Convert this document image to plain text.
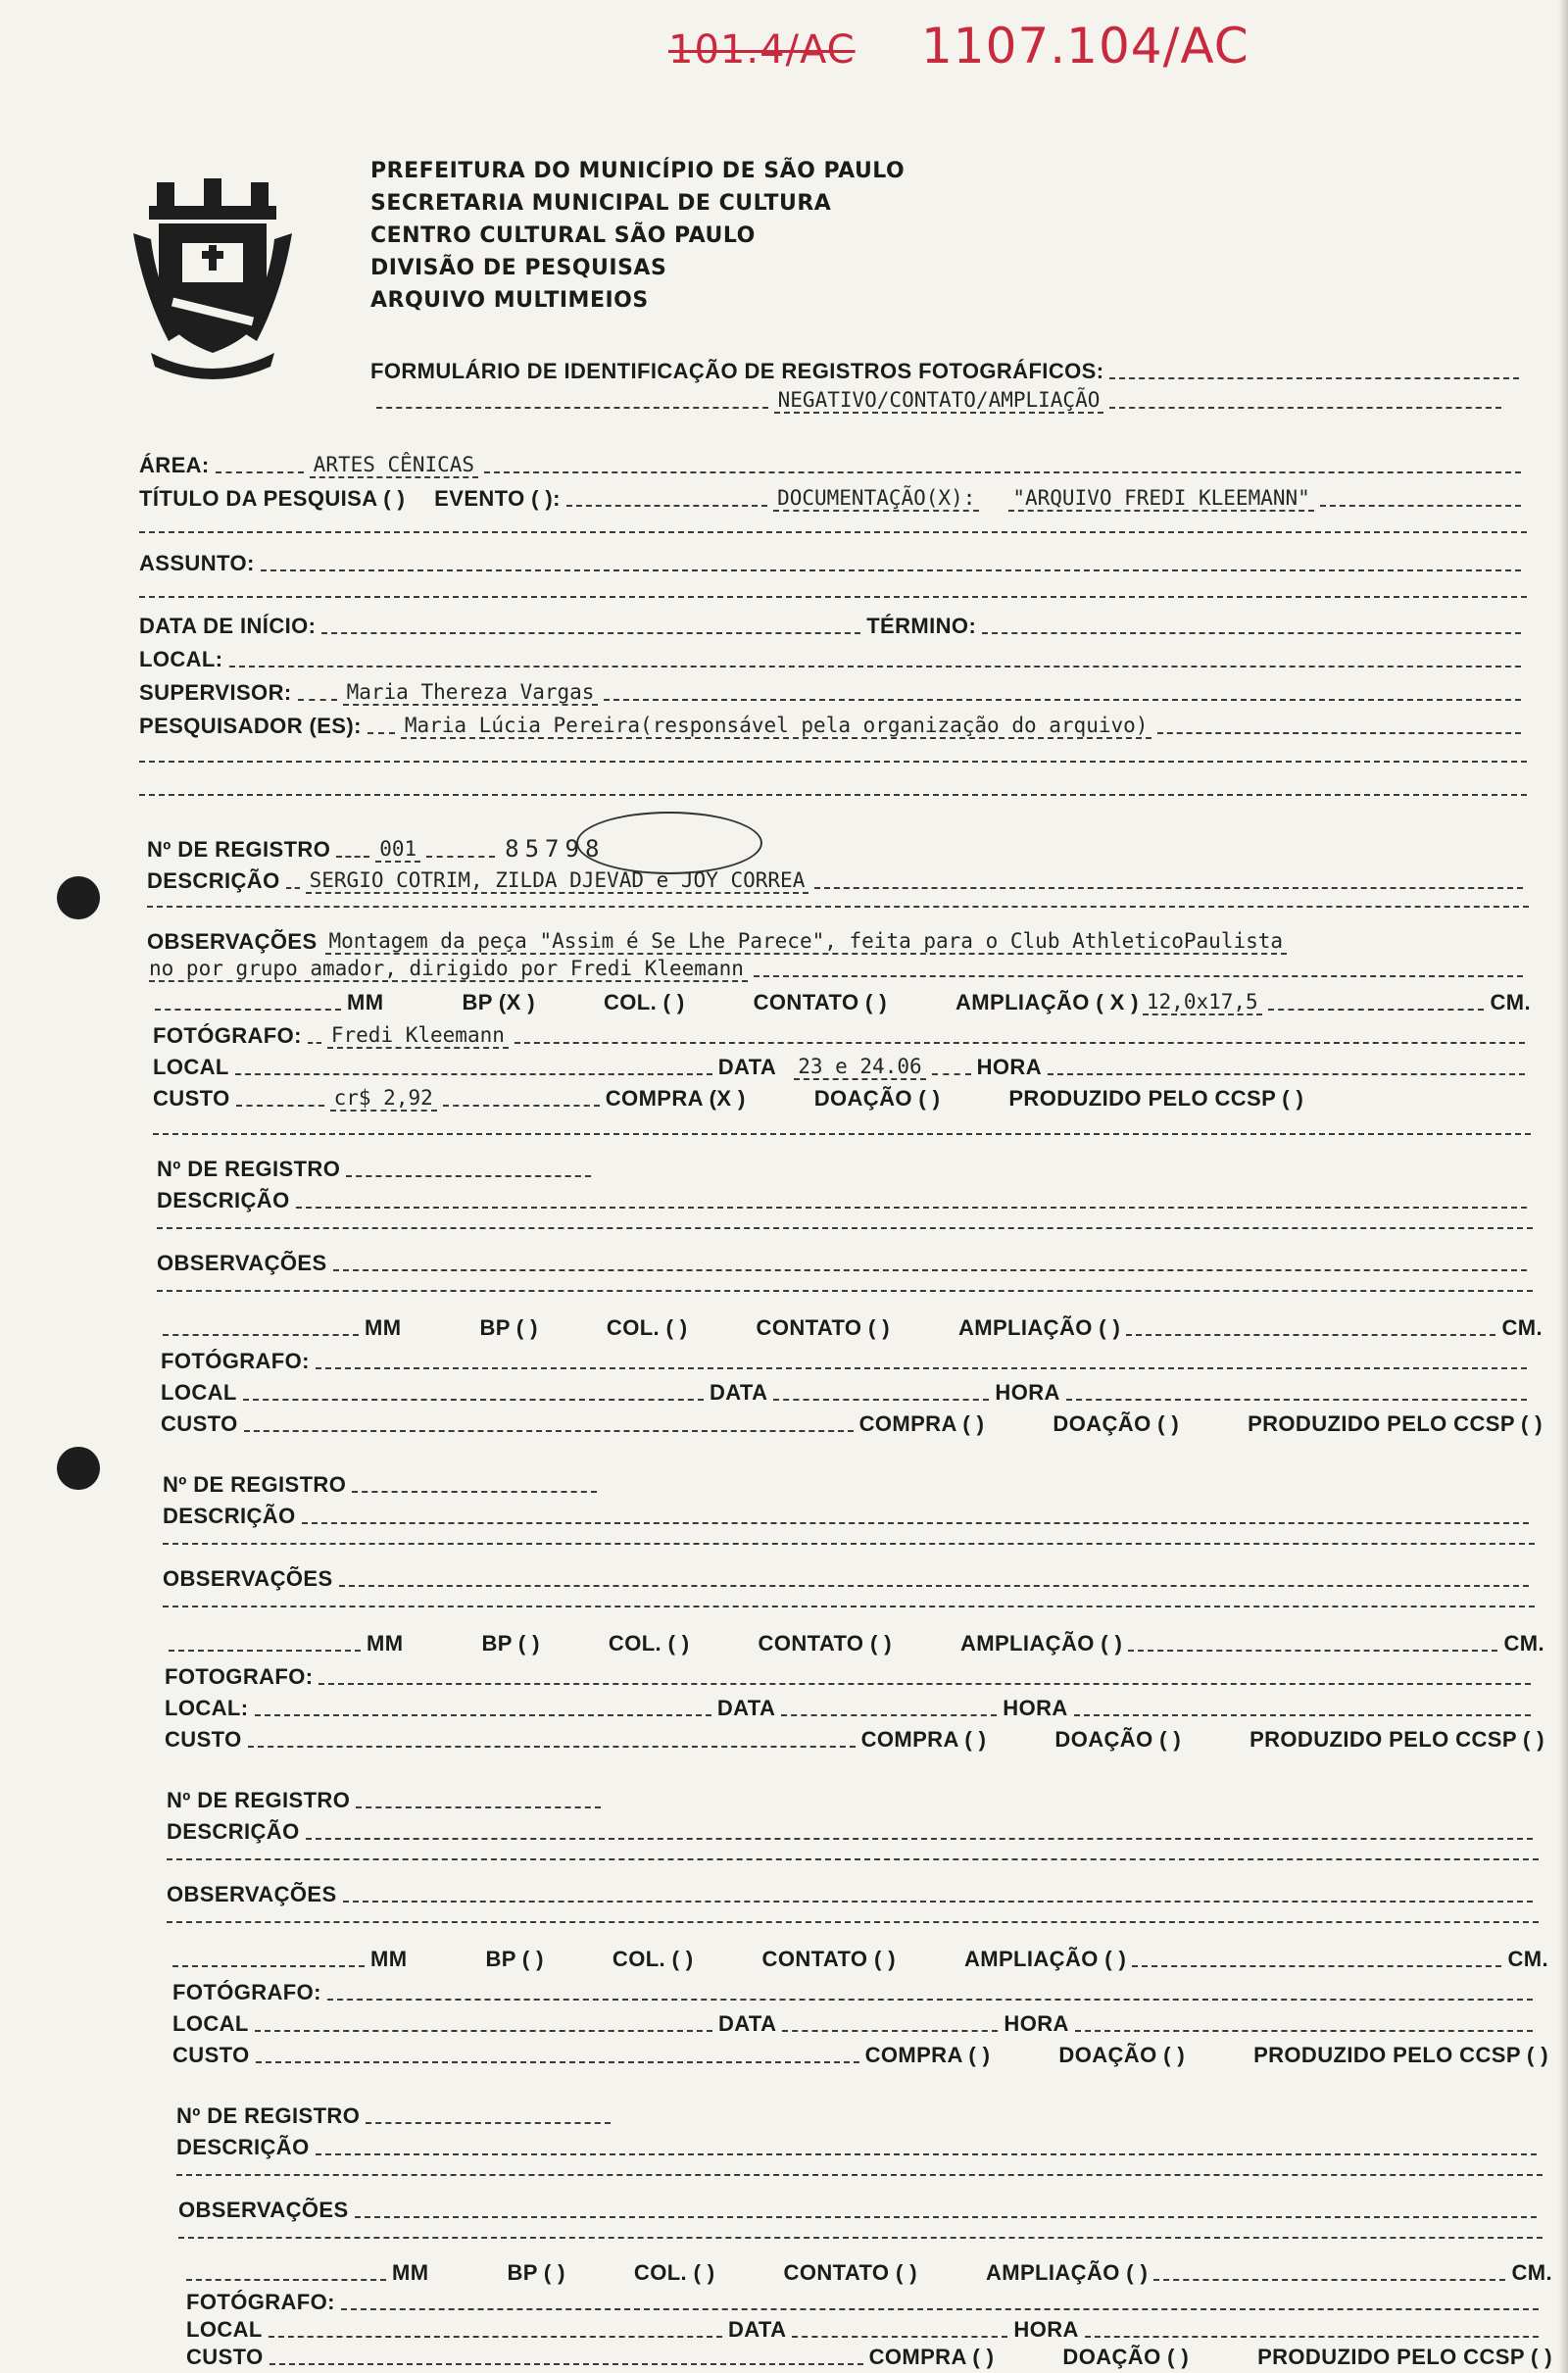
101.4/AC 1107.104/AC
PREFEITURA DO MUNICÍPIO DE SÃO PAULO
SECRETARIA MUNICIPAL DE CULTURA
CENTRO CULTURAL SÃO PAULO
DIVISÃO DE PESQUISAS
ARQUIVO MULTIMEIOS
FORMULÁRIO DE IDENTIFICAÇÃO DE REGISTROS FOTOGRÁFICOS:
NEGATIVO/CONTATO/AMPLIAÇÃO
ÁREA:	ARTES CÊNICAS
TÍTULO DA PESQUISA ( ) EVENTO ( ):	DOCUMENTAÇÃO(X): "ARQUIVO FREDI KLEEMANN"
ASSUNTO:
DATA DE INÍCIO:	TÉRMINO:
LOCAL:
SUPERVISOR:	Maria Thereza Vargas
PESQUISADOR (ES): Maria Lúcia Pereira(responsável pela organização do arquivo)
Nº DE REGISTRO 001	85798
DESCRIÇÃO SERGIO COTRIM, ZILDA DJEVAD e JOY CORREA
OBSERVAÇÕES Montagem da peça "Assim é Se Lhe Parece", feita para o Club AthleticoPaulista
no por grupo amador, dirigido por Fredi Kleemann
MM	BP (X )	COL. ( )	CONTATO ( )	AMPLIAÇÃO ( X ) 12,0x17,5	CM.
FOTÓGRAFO: Fredi Kleemann
LOCAL	DATA 23 e 24.06	HORA
CUSTO	cr$ 2,92	COMPRA (X )	DOAÇÃO ( )	PRODUZIDO PELO CCSP ( )
Nº DE REGISTRO
DESCRIÇÃO
OBSERVAÇÕES
MM	BP ( )	COL. ( )	CONTATO ( )	AMPLIAÇÃO ( )	CM.
FOTÓGRAFO:
LOCAL	DATA	HORA
CUSTO	COMPRA ( )	DOAÇÃO ( )	PRODUZIDO PELO CCSP ( )
Nº DE REGISTRO
DESCRIÇÃO
OBSERVAÇÕES
MM	BP ( )	COL. ( )	CONTATO ( )	AMPLIAÇÃO ( )	CM.
FOTOGRAFO:
LOCAL:	DATA	HORA
CUSTO	COMPRA ( )	DOAÇÃO ( )	PRODUZIDO PELO CCSP ( )
Nº DE REGISTRO
DESCRIÇÃO
OBSERVAÇÕES
MM	BP ( )	COL. ( )	CONTATO ( )	AMPLIAÇÃO ( )	CM.
FOTÓGRAFO:
LOCAL	DATA	HORA
CUSTO	COMPRA ( )	DOAÇÃO ( )	PRODUZIDO PELO CCSP ( )
Nº DE REGISTRO
DESCRIÇÃO
OBSERVAÇÕES
MM	BP ( )	COL. ( )	CONTATO ( )	AMPLIAÇÃO ( )	CM.
FOTÓGRAFO:
LOCAL	DATA	HORA
CUSTO	COMPRA ( )	DOAÇÃO ( )	PRODUZIDO PELO CCSP ( )
